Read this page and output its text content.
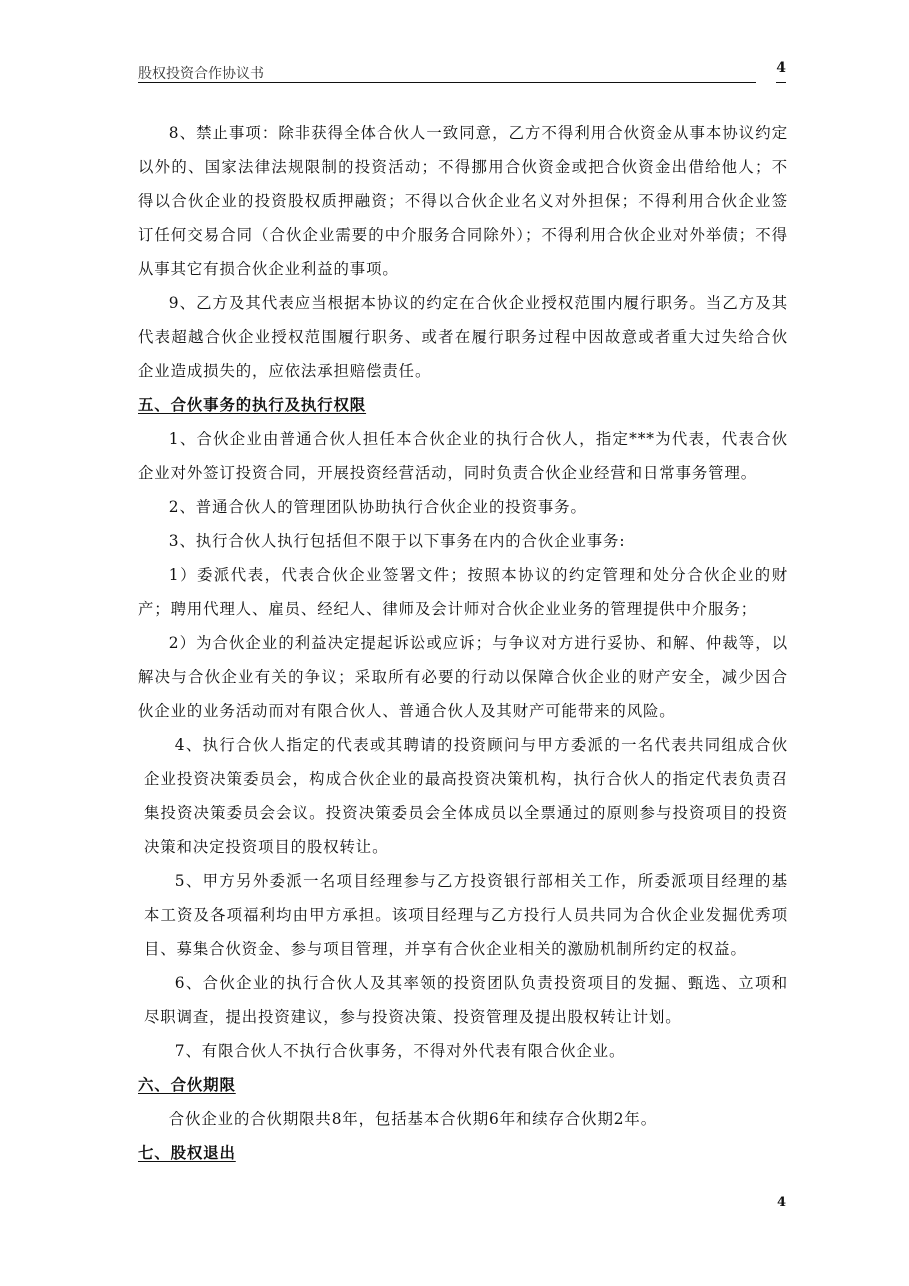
股权投资合作协议书	4

8、禁止事项：除非获得全体合伙人一致同意，乙方不得利用合伙资金从事本协议约定以外的、国家法律法规限制的投资活动；不得挪用合伙资金或把合伙资金出借给他人；不得以合伙企业的投资股权质押融资；不得以合伙企业名义对外担保；不得利用合伙企业签订任何交易合同（合伙企业需要的中介服务合同除外）；不得利用合伙企业对外举债；不得从事其它有损合伙企业利益的事项。

9、乙方及其代表应当根据本协议的约定在合伙企业授权范围内履行职务。当乙方及其代表超越合伙企业授权范围履行职务、或者在履行职务过程中因故意或者重大过失给合伙企业造成损失的，应依法承担赔偿责任。

五、合伙事务的执行及执行权限

1、合伙企业由普通合伙人担任本合伙企业的执行合伙人，指定***为代表，代表合伙企业对外签订投资合同，开展投资经营活动，同时负责合伙企业经营和日常事务管理。

2、普通合伙人的管理团队协助执行合伙企业的投资事务。

3、执行合伙人执行包括但不限于以下事务在内的合伙企业事务:

1）委派代表，代表合伙企业签署文件；按照本协议的约定管理和处分合伙企业的财产；聘用代理人、雇员、经纪人、律师及会计师对合伙企业业务的管理提供中介服务；

2）为合伙企业的利益决定提起诉讼或应诉；与争议对方进行妥协、和解、仲裁等，以解决与合伙企业有关的争议；采取所有必要的行动以保障合伙企业的财产安全，减少因合伙企业的业务活动而对有限合伙人、普通合伙人及其财产可能带来的风险。

4、执行合伙人指定的代表或其聘请的投资顾问与甲方委派的一名代表共同组成合伙企业投资决策委员会，构成合伙企业的最高投资决策机构，执行合伙人的指定代表负责召集投资决策委员会会议。投资决策委员会全体成员以全票通过的原则参与投资项目的投资决策和决定投资项目的股权转让。

5、甲方另外委派一名项目经理参与乙方投资银行部相关工作，所委派项目经理的基本工资及各项福利均由甲方承担。该项目经理与乙方投行人员共同为合伙企业发掘优秀项目、募集合伙资金、参与项目管理，并享有合伙企业相关的激励机制所约定的权益。

6、合伙企业的执行合伙人及其率领的投资团队负责投资项目的发掘、甄选、立项和尽职调查，提出投资建议，参与投资决策、投资管理及提出股权转让计划。

7、有限合伙人不执行合伙事务，不得对外代表有限合伙企业。

六、合伙期限

合伙企业的合伙期限共8年，包括基本合伙期6年和续存合伙期2年。

七、股权退出

4
